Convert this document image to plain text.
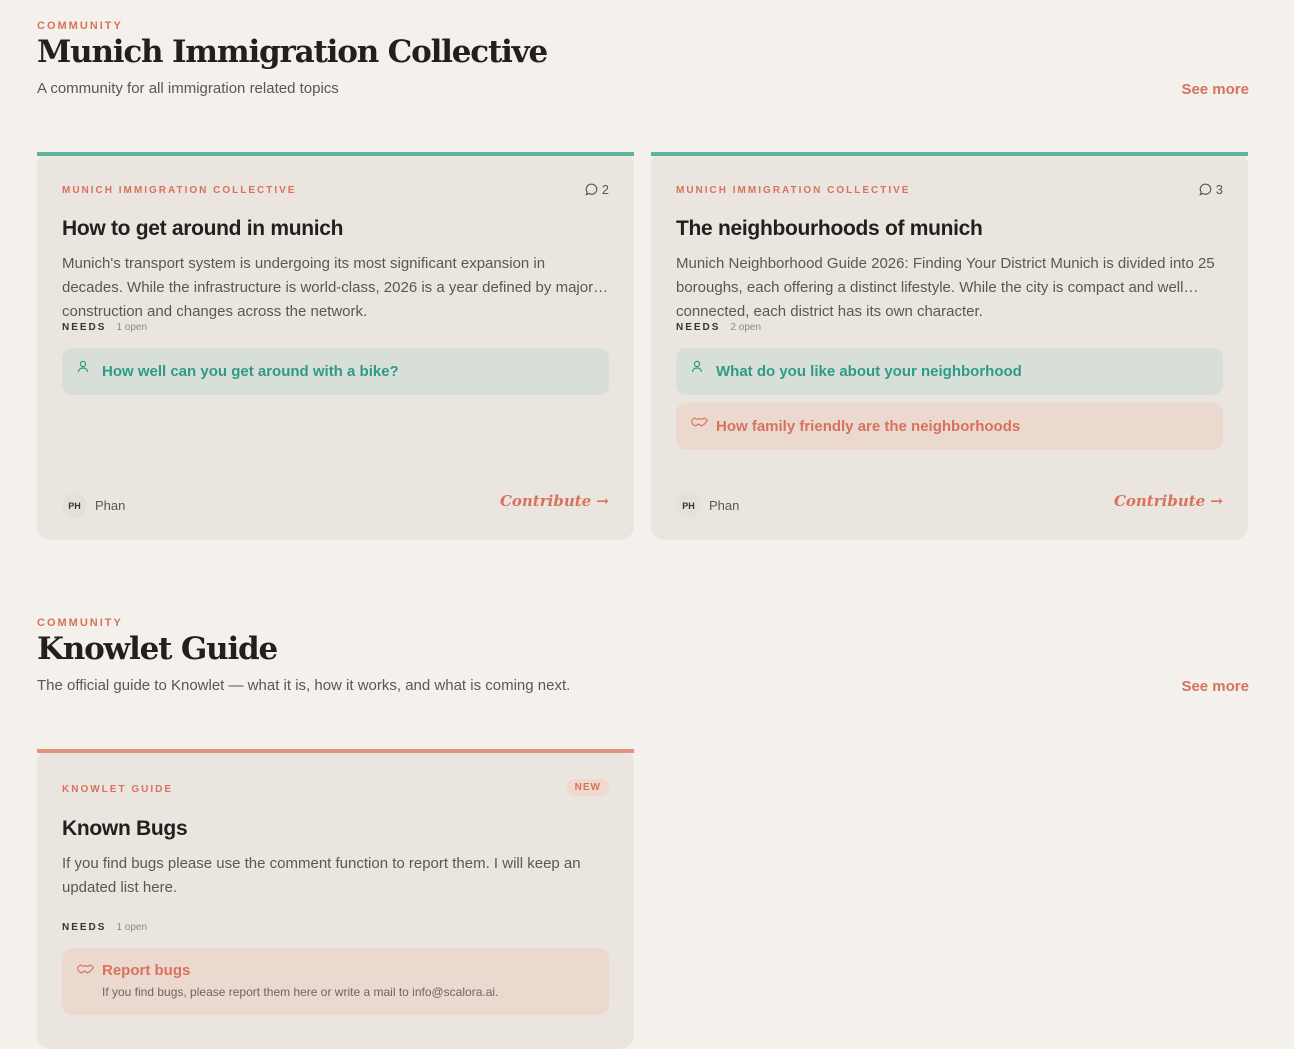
COMMUNITY
Munich Immigration Collective
A community for all immigration related topics	See more
MUNICH IMMIGRATION COLLECTIVE	2
How to get around in munich
Munich's transport system is undergoing its most significant expansion in decades. While the infrastructure is world-class, 2026 is a year defined by major construction and changes across the network.
NEEDS 1 open
How well can you get around with a bike?
PH	Phan	Contribute →
MUNICH IMMIGRATION COLLECTIVE	3
The neighbourhoods of munich
Munich Neighborhood Guide 2026: Finding Your District Munich is divided into 25 boroughs, each offering a distinct lifestyle. While the city is compact and well connected, each district has its own character.
NEEDS 2 open
What do you like about your neighborhood
How family friendly are the neighborhoods
PH	Phan	Contribute →
COMMUNITY
Knowlet Guide
The official guide to Knowlet — what it is, how it works, and what is coming next.	See more
KNOWLET GUIDE	NEW
Known Bugs
If you find bugs please use the comment function to report them. I will keep an updated list here.
NEEDS 1 open
Report bugs
If you find bugs, please report them here or write a mail to info@scalora.ai.
